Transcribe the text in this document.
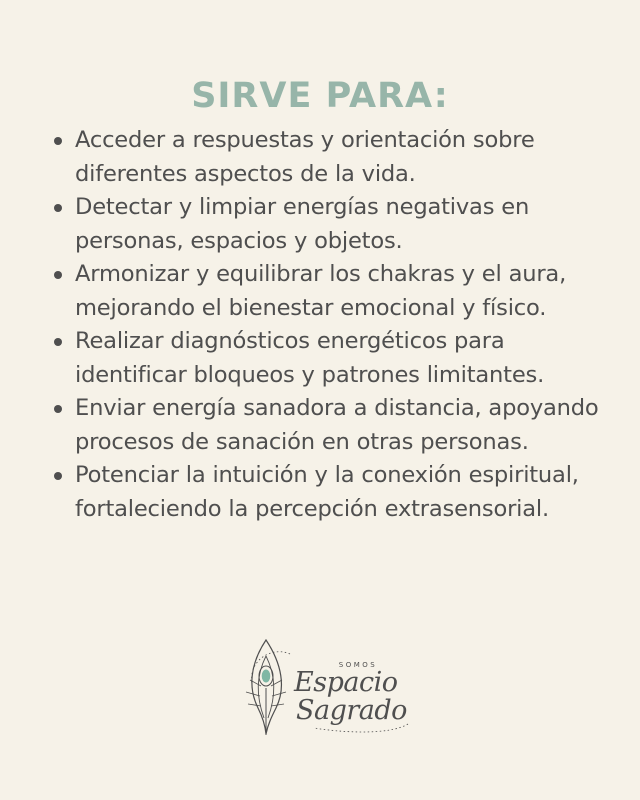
SIRVE PARA:
Acceder a respuestas y orientación sobre diferentes aspectos de la vida.
Detectar y limpiar energías negativas en personas, espacios y objetos.
Armonizar y equilibrar los chakras y el aura, mejorando el bienestar emocional y físico.
Realizar diagnósticos energéticos para identificar bloqueos y patrones limitantes.
Enviar energía sanadora a distancia, apoyando procesos de sanación en otras personas.
Potenciar la intuición y la conexión espiritual, fortaleciendo la percepción extrasensorial.
SOMOS
Espacio
Sagrado
